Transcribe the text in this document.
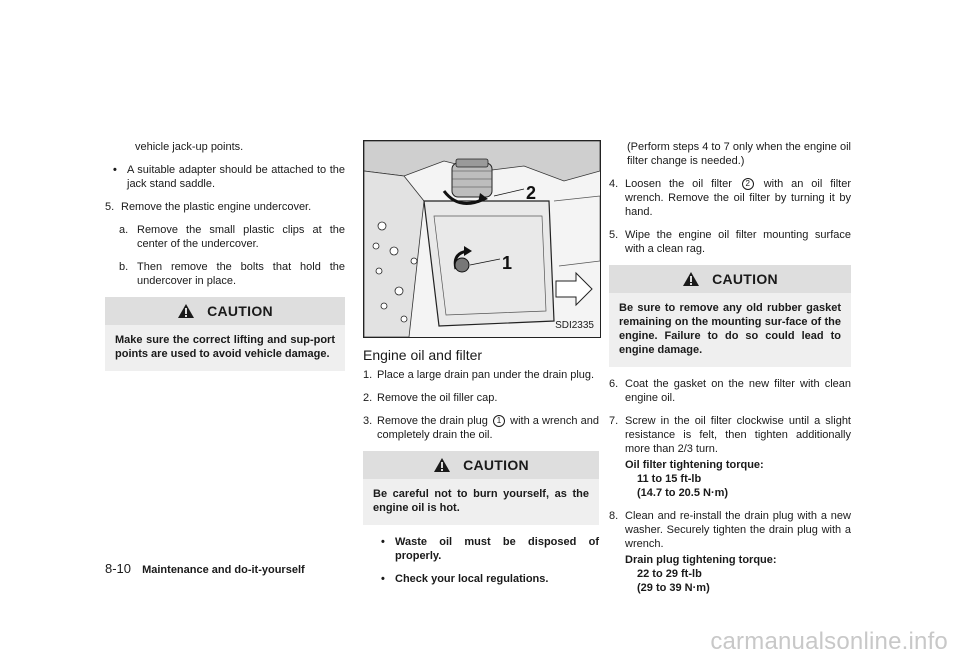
vehicle jack-up points.

• A suitable adapter should be attached to the jack stand saddle.
5. Remove the plastic engine undercover.
a. Remove the small plastic clips at the center of the undercover.
b. Then remove the bolts that hold the undercover in place.
CAUTION
Make sure the correct lifting and sup-port points are used to avoid vehicle damage.
2
1
SDI2335
Engine oil and filter
1. Place a large drain pan under the drain plug.
2. Remove the oil filler cap.
3. Remove the drain plug 1 with a wrench and completely drain the oil.
CAUTION
Be careful not to burn yourself, as the engine oil is hot.
• Waste oil must be disposed of properly.
• Check your local regulations.

(Perform steps 4 to 7 only when the engine oil filter change is needed.)

4. Loosen the oil filter 2 with an oil filter wrench. Remove the oil filter by turning it by hand.
5. Wipe the engine oil filter mounting surface with a clean rag.
CAUTION
Be sure to remove any old rubber gasket remaining on the mounting sur-face of the engine. Failure to do so could lead to engine damage.
6. Coat the gasket on the new filter with clean engine oil.
7. Screw in the oil filter clockwise until a slight resistance is felt, then tighten additionally more than 2/3 turn.

Oil filter tightening torque:
11 to 15 ft-lb
(14.7 to 20.5 N·m)
8. Clean and re-install the drain plug with a new washer. Securely tighten the drain plug with a wrench.

Drain plug tightening torque:
22 to 29 ft-lb
(29 to 39 N·m)
8-10 Maintenance and do-it-yourself
carmanualsonline.info
